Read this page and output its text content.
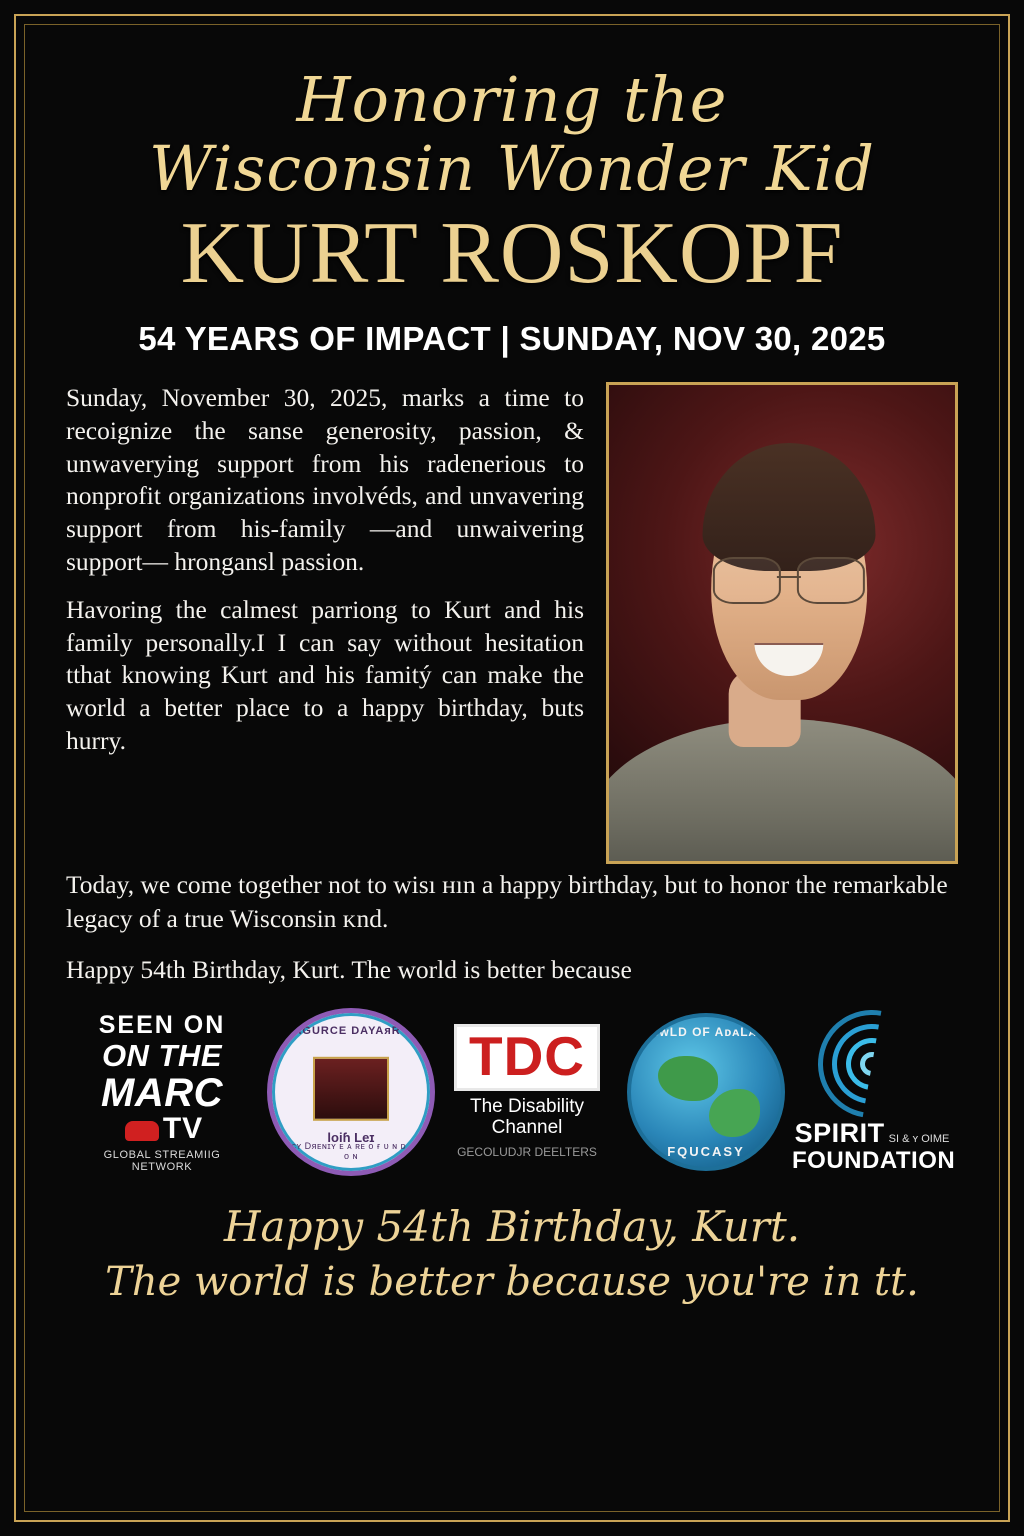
Honoring the
Wisconsin Wonder Kid
KURT ROSKOPF
54 YEARS OF IMPACT | SUNDAY, NOV 30, 2025

Sunday, November 30, 2025, marks a time to recoignize the sanse generosity, passion, & unwaverying support from his radenerious to nonprofit organizations involvéds, and unvavering support from his-family —and unwaivering support— hrongansl passion.

Havoring the calmest parriong to Kurt and his family personally.I I can say without hesitation tthat knowing Kurt and his famitý can make the world a better place to a happy birthday, buts hurry.

Today, we come together not to wisı ʜın a happy birthday, but to honor the remarkable legacy of a true Wisconsin ᴋnd.

Happy 54th Birthday, Kurt. The world is better because

SEEN ON
ON THE
MARC
TV
GLOBAL STREAMIIG NETWORK
BƨAGURCE DAYAяR Eʋ.
loiɦ Lеɪ
ɪᴛᴛᴇᴄʏ Dяᴇɴɪʏ ᴇ ᴀ ʀᴇ ᴏ ғ ᴜ ɴ ᴅ ᴀ ᴛ ɪ ᴏ ɴ
TDC
The Disability Channel
GEϹOLUDJR DEЕLTЕRS
IᴄᴡLD OF AᴅᴀLᴀᴅ
FQUCASY
SPIRIT SI & ʏ OIME
FOUNDATION
Happy 54th Birthday, Kurt.
The world is better because you're in tt.
